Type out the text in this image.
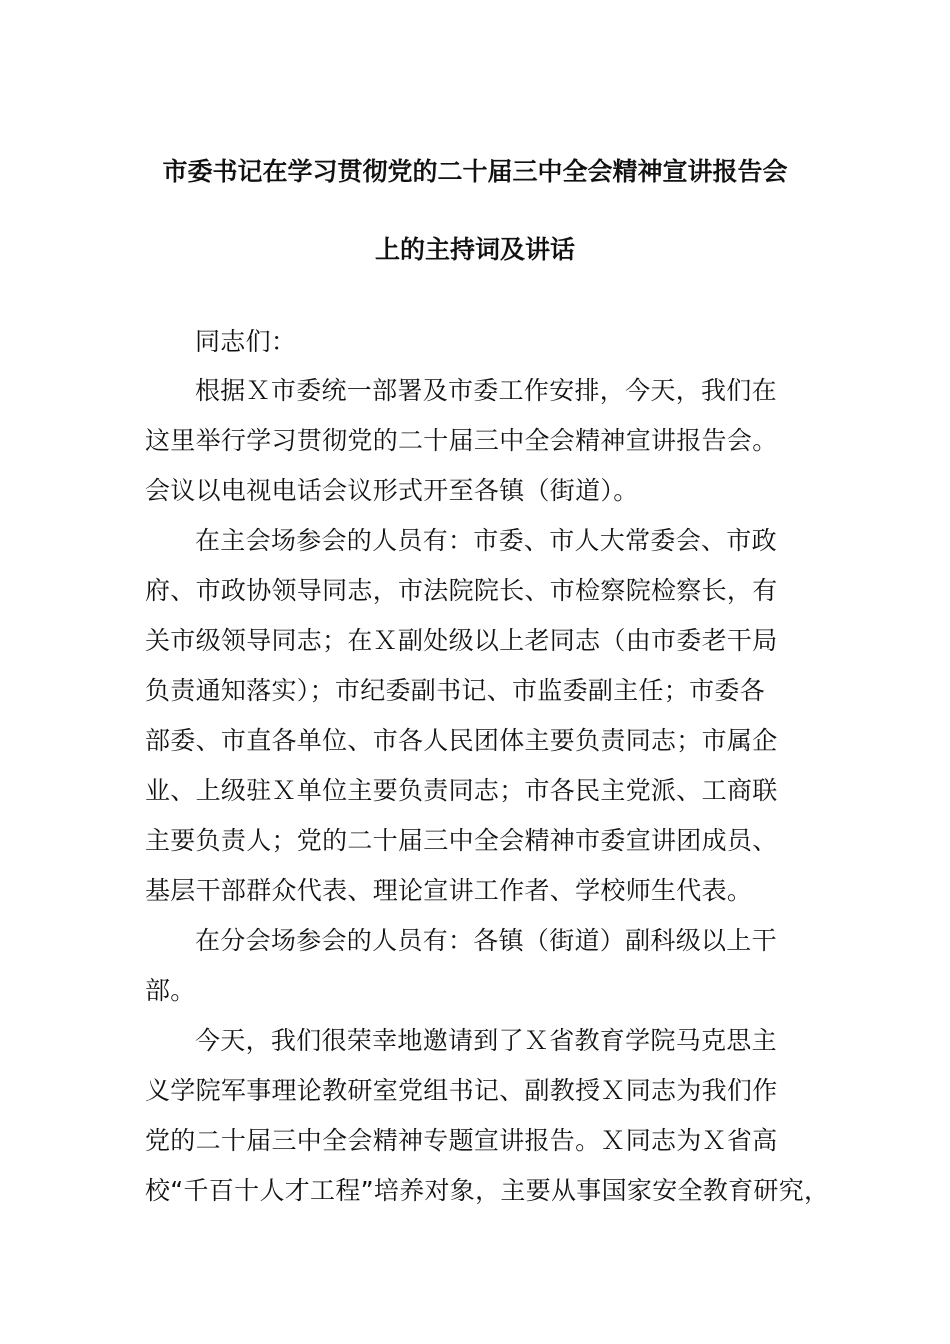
市委书记在学习贯彻党的二十届三中全会精神宣讲报告会
上的主持词及讲话
同志们：
根据Ｘ市委统一部署及市委工作安排，今天，我们在
这里举行学习贯彻党的二十届三中全会精神宣讲报告会。
会议以电视电话会议形式开至各镇（街道）。
在主会场参会的人员有：市委、市人大常委会、市政
府、市政协领导同志，市法院院长、市检察院检察长，有
关市级领导同志；在Ｘ副处级以上老同志（由市委老干局
负责通知落实）；市纪委副书记、市监委副主任；市委各
部委、市直各单位、市各人民团体主要负责同志；市属企
业、上级驻Ｘ单位主要负责同志；市各民主党派、工商联
主要负责人；党的二十届三中全会精神市委宣讲团成员、
基层干部群众代表、理论宣讲工作者、学校师生代表。
在分会场参会的人员有：各镇（街道）副科级以上干
部。
今天，我们很荣幸地邀请到了Ｘ省教育学院马克思主
义学院军事理论教研室党组书记、副教授Ｘ同志为我们作
党的二十届三中全会精神专题宣讲报告。Ｘ同志为Ｘ省高
校“千百十人才工程”培养对象，主要从事国家安全教育研究，
